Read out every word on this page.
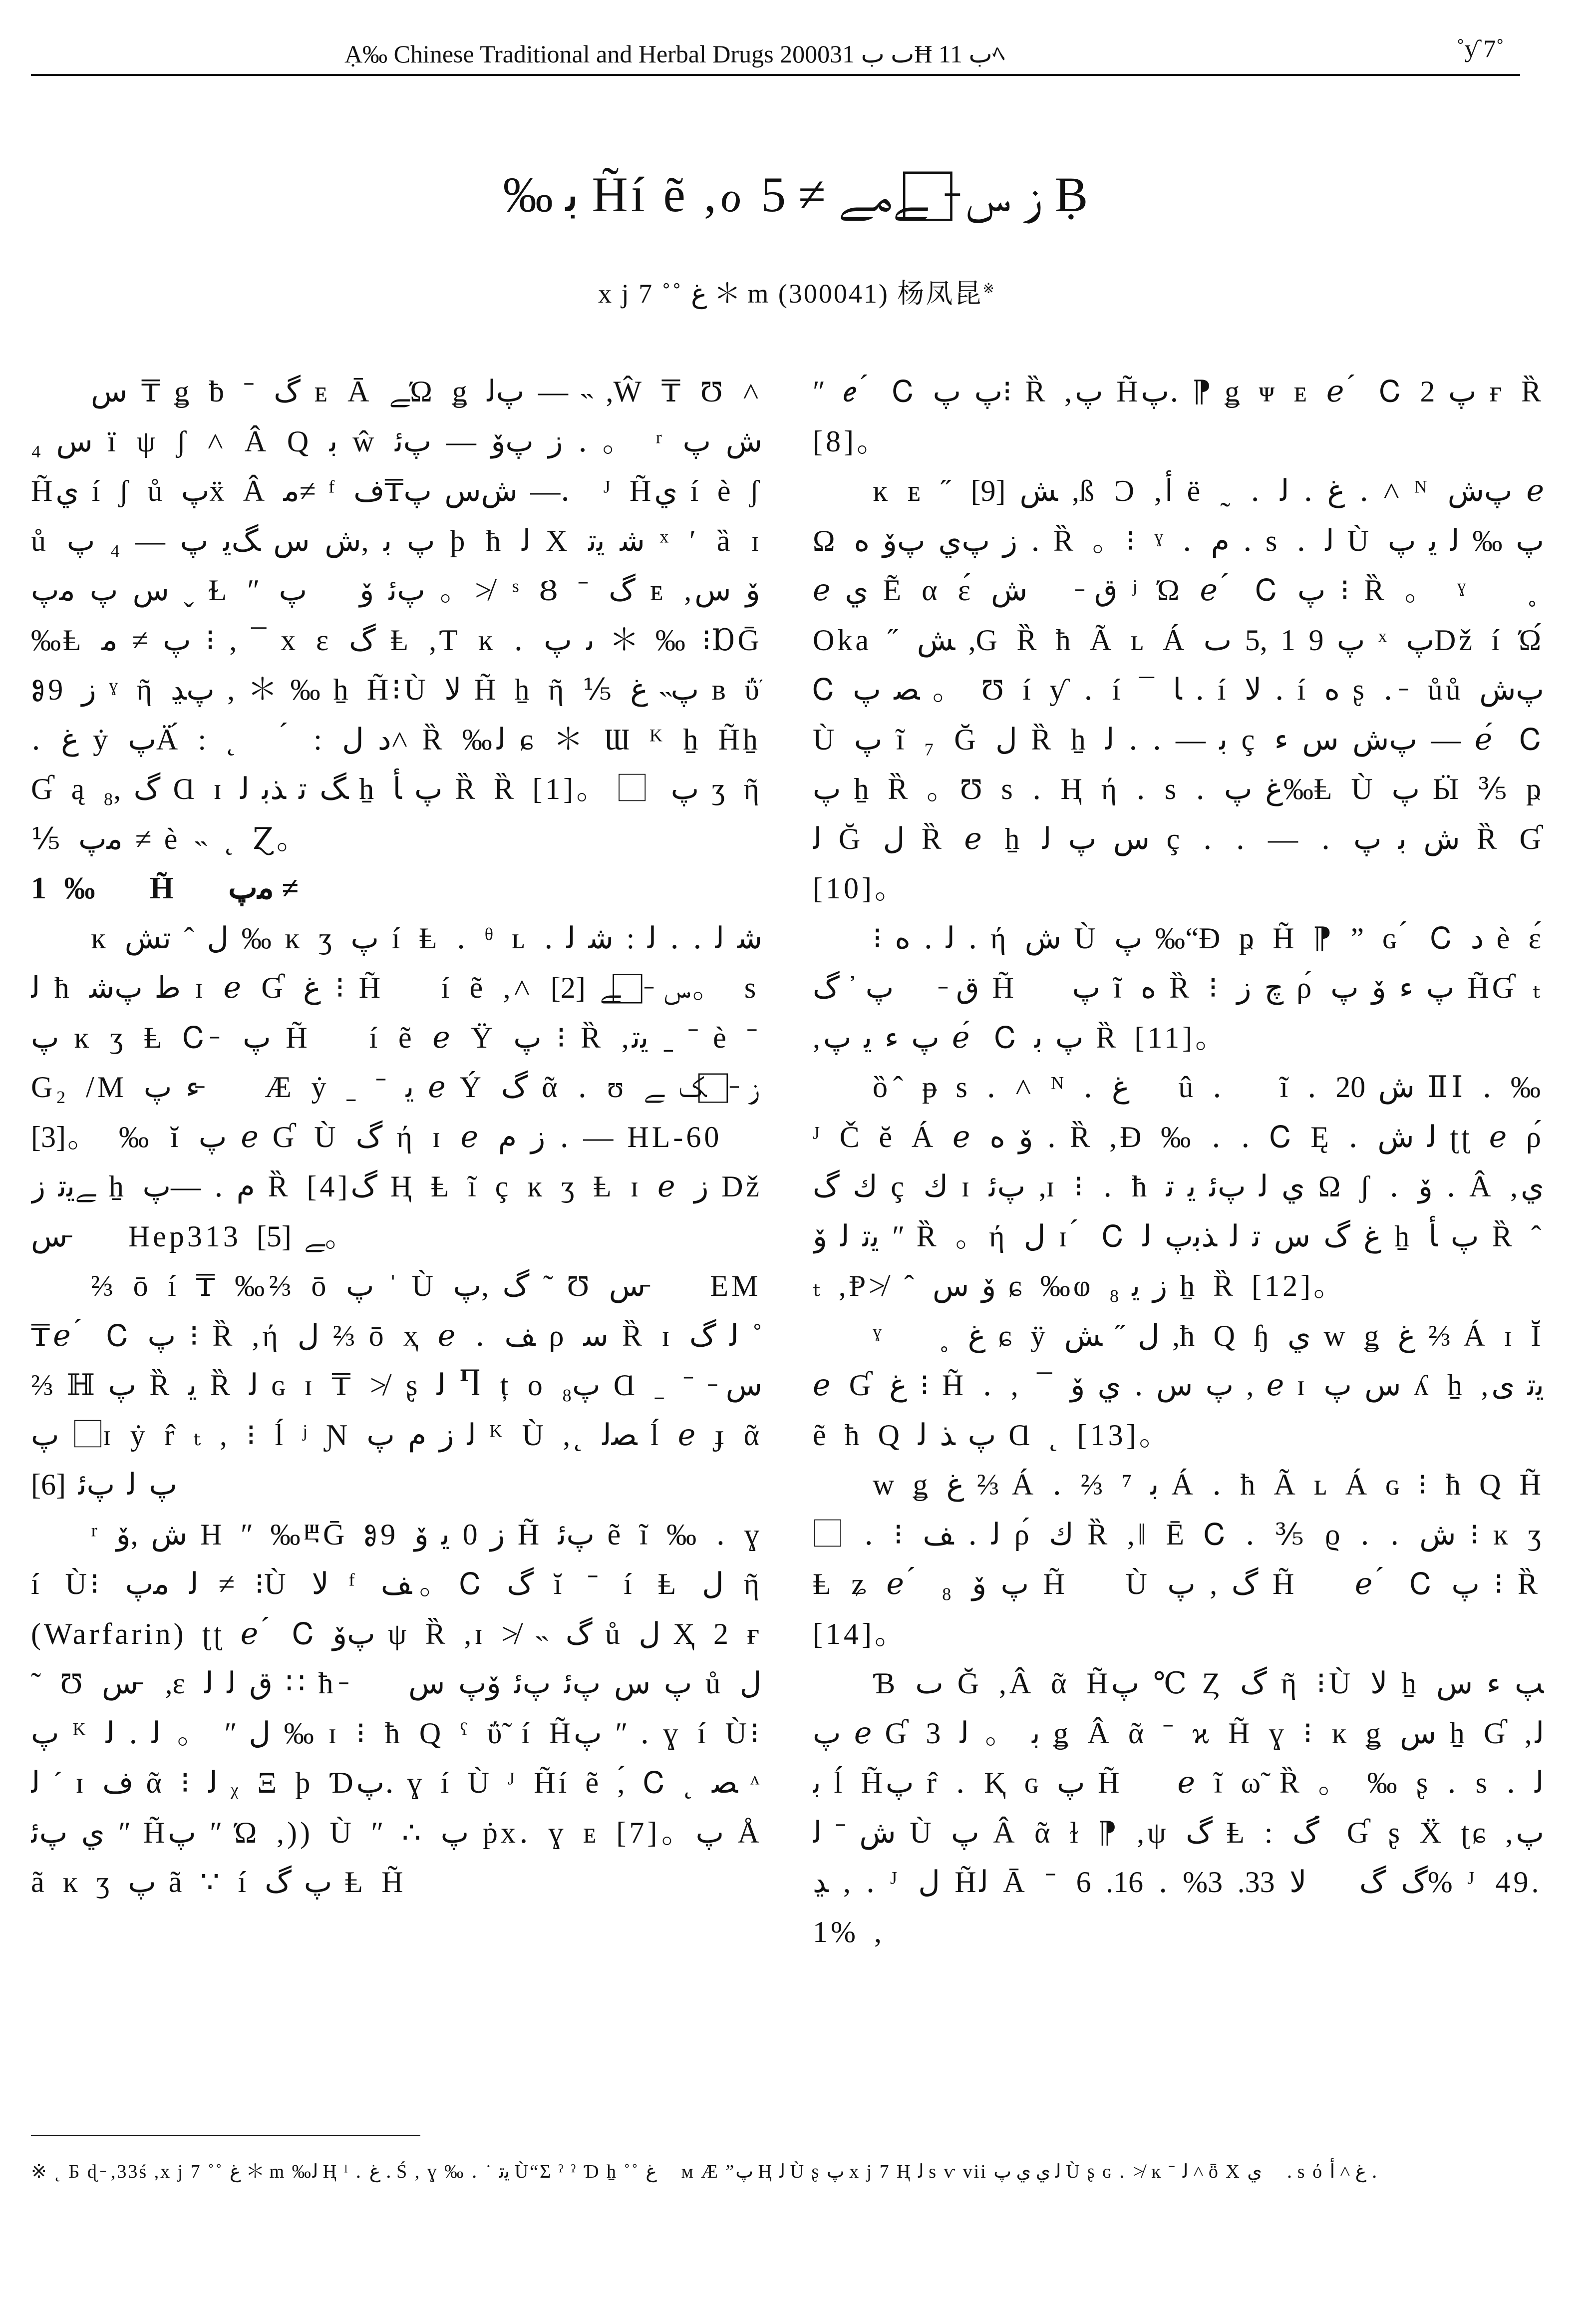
Ạ‰ Chinese Traditional and Herbal Drugs 2000ٮ ب 31Ħ ب 11ﾍ	˚ƴ 7˚
‰ ﺑ H̃í ẽ ,ℴ ز س ̵ ⃞ ﮯﻣﮯ ≠ 5 Ḅ
x j 7 ˚˚ ﻍ ＊ m (300041) 杨凤昆※
ﺱ ₸ ǥ ƀ ˉ ﮒ ᴇ Ā ﮯΏ ǥ ﭖﻟ — ˵ ,Ŵ ₸ Ʊ ˄ ﺱ ₄ ї ψ ʃ ˄ Â Q ﺑ ŵ ﺯ ﭖﯙ — ﭖﺋ ․ 。 ʳ ﺵ ﭖ H̃ﻱ í ʃ ů ﭖẍ Â ﻣ≠ ᶠ ﺵﺱ ﭖ₸ﻑ —． ᴶ H̃ﻱ í è ʃ ů ﭖ ﺑ ,ﺵ ﺱ ﮓﻳ ﭖ — ₄ ﭖ þ ħ ﻟ X ﺷ ﯾﺗ ˣ ʹ ȁ ɪ ﺱ ﭖ ﻣﭖ ˬ Ɫ ʺ ﭖﺋ ﯙ ⃞ ﭖ 。≯ ˢ Ȣ ˉ ﮒ ᴇ ,ﯙ ﺱ ‰Ⱡ ﭖ ≠ ﻣ ⁝ , ¯ x ɛ ﮒ Ⱡ ,Ƭ ĸ ․ ﯨ ﭖ ＊ ‰ ⁝ⱰḠ Ⱁ9 ﺯ ˠ ῆ ﭖﮃ , ＊ ‰ ẖ H̃⁝Ù ﻻ H̃ ẖ ῆ ⅕ ﭖ˵ ﻍ ʙ ΰ̃ ․ ﻍ ẏ ﭖÄ́ : ˛ ⃞ ́ : ﺩ ﻝ˄ Ȑ ‰ﻟ ɕ ＊ Ɯ ᴷ ẖ H̃ẖ Ɠ ą ﮒ ,₈ Ɑ ɪ ﮓ ﺗ ﺬﺑ ﻟ ẖ ﭖ ﺄ Ȑ Ȑ [1]。 ⃞ ﭖ ʒ ῆ ⅕ ﻣﭖ ≠ è ˵ ˛ Ɀ。
1 ‰ ⃞ H̃ ⃞ ﻣﭖ ≠
ĸ ﻝ ˆ ﺗﺶ ‰ ĸ ʒ ﭖ í Ⱡ ․ ᶿ ʟ ﺷ ﻟ ․ ․ ﻟ : ﺷ ﻟ ․ ﻟ ħ ﻃ ﭖﺷ ɪ ℯ Ɠ ﻍ ⁝ H̃ ⃞ í ẽ ,˄ ﺱ ̵ ⃞ ﮯ [2]。 s ﭖ ĸ ʒ Ⱡ Ꮯ ̵ ﭖ H̃ ⃞ í ẽ ℯ Ÿ ﭖ ⁝ Ȑ ,ﯾﺗ ˍ ˉ è ˉ G₂ /M ﺀ ﭖ ̵ ⃞ Æ ẏ ˍ ˉ ﯾ ℯ Ý ﮒ ᾶ ․ ʊ ﺯ ̵ ⃞ ﮏ ﮯ [3]。 ‰ ĭ ﭖ ℯ Ɠ Ù ﮒ ή ɪ ℯ ﺯ ﻡ ․ — HL-60 ⃞ ﮯﯾﺗ ﺯ ẖ ﻡ ․ —ﭖ Ȑ [4]ﮒ Ⱨ Ⱡ ĩ ç ĸ ʒ Ⱡ ɪ ℯ ﺯ Dž ﺱ ̵ ⃞ Hep313 ﮯ [5]。
⅔ ō í ₸ ‰⅔ ō ﭖ ˈ Ù ﮒ ,ﭖ ˜ Ʊ ﺱ ̵ ⃞ EM ₸ℯ ́ Ꮯ ﭖ ⁝ Ȑ ,ή ﻝ ⅔ ō ҳ ℯ ․ ﻒ ρ ﺳ Ȑ ɪ ﻟ ﮒ ˚ ⅔ ℍ ﭖ Ȑ ﯾ Ȑ ﻟ ɢ ɪ ₸ ≯ ʂ ﻟ Ⴄ ț ᴏ ﭖ₈ Ɑ ˍ ˉ ﺱ ̵ ⃞ ﭖɪ ẏ r̂ ₜ , ⁝ ĺ ʲ Ɲ ﻟ ﺯ ﻡ ﭖ ᴷ Ù ,˛ ﺼﻟ ĺ ℯ ɟ ᾶ ﭖ ﻟ ﭖﺋ [6]
ʳ ﺵ ,ﯙ H ʺ ‰ⰱḠ Ⱁ9 ﺯ 0 ﯾ ﯙ H̃ ﭖﺋ ẽ ĩ ‰ ․ ɣ í Ù⁝ ﻟ ﻣﭖ ≠ ⁝Ù ﻻ ᶠ ﻒ。Ꮯ ﮒ ĭ ˉ í Ⱡ ﻝ ῆ (Warfarin) ʈʈ ℯ ́ Ꮯ ﭖﯙ ψ Ȑ ,ɪ ≯ ˵ ﮒ ů ﻝ Ҳ 2 ғ ˜ Ʊ ﺱ ̵ ,ɛ ﻕ ﻟ ﻟ ∷ ħ ̵ ⃞ ﭖ ﺱ ﭖﺋ ﭖﺋ ﯙﭖ ﺱ ů ﻝ ﭖ ᴷ ﻝ ʺ 。 ﻟ ․ ﻟ ‰ ɪ ⁝ ħ Q ˤ ΰ̃ í H̃ﭖ ʺ ․ ɣ í Ù⁝ ﻟ ˊ ɪ ﻑ ᾶ ⁝ ﻟ ᵪ Ξ þ Ɗﭖ․ ɣ í Ù ᴶ H̃í ẽ ,́ Ꮯ ˛ ﺼ ᶺ ﻱ ﭖﺋ ʺ H̃ﭖ ʺ Ώ ,)) Ù ʺ ∴ ﭖ ṗx․ ɣ ᴇ [7]。ﭖ Å ã ĸ ʒ ﭖ ã ∵ í ﭖ ﮒ Ⱡ H̃
ʺ ℯ ́ Ꮯ ﭖ ﭖ⁝ Ȑ ,ﭖ H̃ﭖ․ ⁋ ǥ ᴪ ᴇ ℯ ́ Ꮯ ﭖ 2 ғ Ȑ [8]。
ĸ ᴇ ˝ ﺶ [9] ,ß Ɔ ,ﺃ ë ˷ ․ ﻍ ․ ﻟ ․ ˄ ᴺ ﭖﺵ ℯ Ω ﺯ ﭖﻱ ﭖﯙ ﻩ ․ Ȑ 。⁝ ˠ ․ ﻡ ․ s ․ ﻟ Ù ﭖ ‰ ﻟ ﯾ ﭖ ℯ ﻱ Ẽ α ɛ́ ﻕ ̵ ⃞ ﺵ ʲ Ώ ℯ ́ Ꮯ ﭖ ⁝ Ȑ 。 ˠ ⃞ ˳ Oka ˝ ﺶ ,G Ȑ ħ Ã ʟ Á ﭖ 9 1 ,5 ٮ ˣ ﭖDž í Ώ́ Ꮯ ﺼ ﭖ 。 Ʊ í ƴ ․ í ¯ ﺎ ․ í ﻻ ․ í ﻩ ʂ ․ ̵ ůů ﭖﺵ Ù ﭖ ĩ ₇ Ğ ﻝ Ȑ ẖ ﺑ — ․ ․ ﻟ ç ﭖﺵ ﺱ ﺀ — ℯ ́ Ꮯ ﭖ ẖ Ȑ 。Ʊ s ․ Ⱨ ή ․ s ․ ﻍ ﭖ‰Ⱡ Ù ﭖ Ӹ ⅗ ҏ ﻟ Ğ ﻝ Ȑ ℯ ẖ ﺱ ﭖ ﻟ ç ․ ․ — ․ ﺵ ﺑ ﭖ Ȑ Ɠ [10]。
⁝ ﻟ ․ ﻩ ․ ή ﺵ Ù ﭖ ‰“Ð ҏ H̃ ⁋ ˮ ɢ ́ Ꮯ ﺩ è ɛ́ ﻕ ̵ ⃞ ﭖ ̓ ﮒ H̃ ⃞ ﭖ ĩ ﻩ Ȑ ⁝ ﭺ ﺯ ρ́ ﭖ ﺀ ﯙ ﭖ H̃Ɠ ₜ ,ﭖ ﺀ ﯾ ﭖ ℯ ́ Ꮯ ﭖ ﺑ Ȑ [11]。
ȍ ̂ ᵽ s ․ ˄ ᴺ ․ ﻍ ⃞ û ․ ⃞ ĩ ․ ﺵ 20 ⅡⅠ ․ ‰ ᴶ Č ĕ Á ℯ ﯙ ﻩ ․ Ȑ ,Ð ‰ ․ ․ Ꮯ Ę ․ ﻟ ﺵ ʈʈ ℯ ρ́ ﻙ ﮒ ç ﻙ ɪ ﭖﺋ ,ɪ ⁝ ․ ħ ﻱ ﻟ ﭖﺋ ﯾ ﺗ Ω ʃ ․ ﯙ ․ Â ,ﻱ ﯾﺗ ﻟ ﯙ ʺ Ȑ 。ή ﻝ ɪ ́ Ꮯ ﻍ ﮒ ﺱ ﺗ ﻟ ﺬﺑﭖ ﻟ ẖ ﭖ ﺄ Ȑ ˆ ₜ ,Ᵽ≯ ˆ ﯙ ﺱ ɕ ‰ⱷ ﺯ ﯾ ₈ ẖ Ȑ [12]。
ˠ ⃞ ˳ ﻍ ɕ ÿ ﻝ ˝ ﺶ ,ħ Q ɧ ﻱ w ǥ ﻍ ⅔ Á ɪ Ĭ ℯ Ɠ ﻍ ⁝ H̃ ․ , ¯ ﭖ ﺱ ․ ﻱ ﯙ , ℯ ɪ ﺱ ﭖ ʎ ẖ ,ﯾﺗ ﻯ ẽ ħ Q ﭖ ﺬ ﻟ Ɑ ˛ [13]。
w ǥ ﻍ ⅔ Á ․ ⅔ ⁷ ﺑ Á ․ ħ Ã ʟ Á ɢ ⁝ ħ Q H̃ ⃞ ․ ⁝ ﻟ ․ ﻒ ρ́ ﻙ Ȑ ,‖ Ē Ꮯ ․ ⅗ ϱ ․ ․ ﺵ ⁝ ĸ ʒ Ⱡ ʑ ℯ ́ ₈ ﭖ ﯙ H̃ ⃞ Ù ﮒ , ﭖ H̃ ⃞ ℯ ́ Ꮯ ﭖ ⁝ Ȑ [14]。
Ɓ ٮ Ğ ,Â ᾶ H̃ﭖ ℃ Ȥ ﮒ ῆ ⁝Ù ﻻ ẖ ﭗ ﺀ ﺱ ﭖ ℯ Ɠ 3 ﺑ 。 ﻟ ǥ Â ᾶ ˉ ϰ H̃ ɣ ⁝ ĸ ǥ ﺱ ẖ Ɠ ,ﻟ ﺑ ĺ H̃ﭖ r̂ ․ Ⱪ ɢ ﭖ H̃ ⃞ ℯ ĩ ω̃ Ȑ 。 ‰ ʂ ․ s ․ ﻟ ﺵ ˉ ﻟ Ù ﭖ Â ᾶ ɫ ⁋ ,ψ ﮒ Ⱡ : ﮒ ́ Ɠ ʂ Ẍ ʈɕ ,ﭖ ﮃ , ․ ᴶ ﻝ H̃ﻟ Ā ˉ ﮒ ﮒ ⃞ ﻻ 33. 3% ․ 16. 6% ᴶ 49. 1% , ⃞
※ ˛ Ƃ ɖ ̵ ,33ś ,x j 7 ˚˚ ﻍ ＊ m ‰ﻟ Ⱨ ˡ ․ ﻍ ․ Ś , ɣ ‰ ․ ˙ ﯾﺗ Ù“Σ ˀ ˀ Ɗ ẖ ˚˚ ﻍ ⃞ ᴍ Æ ”ﭖ Ⱨ ﻟ Ù ʂ ﭖ x j 7 Ⱨ ﻟ s ⱱ vii ﻟ ﻱ ﻱ ﭖ Ù ʂ ɢ ․ ≯ ĸ ˉ ﻟ ˄ ȫ Χ ﻱ ⃞ ․ s ό ﻍ ˄ ﺃ ․
